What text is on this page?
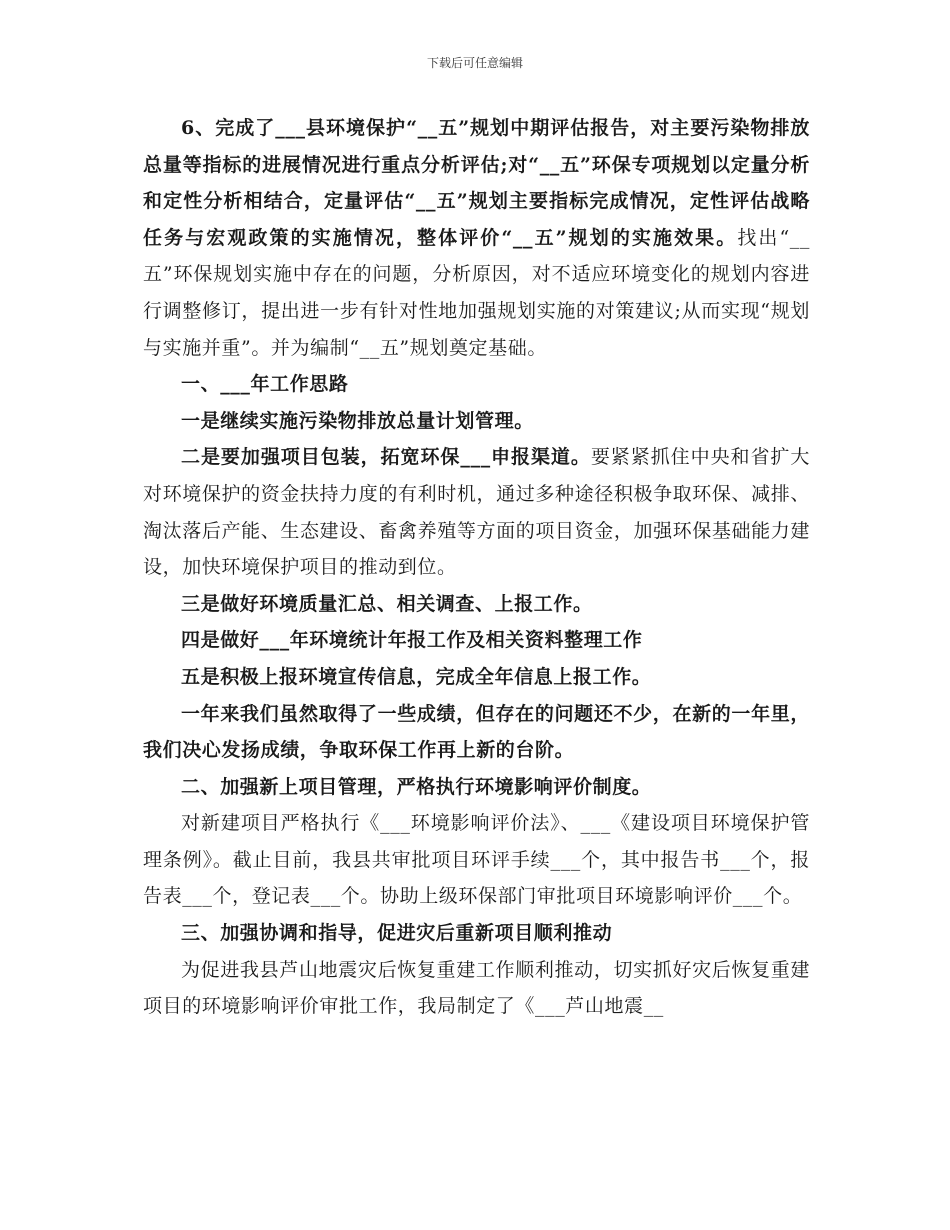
下载后可任意编辑

6、完成了___县环境保护“__五”规划中期评估报告，对主要污染物排放总量等指标的进展情况进行重点分析评估;对“__五”环保专项规划以定量分析和定性分析相结合，定量评估“__五”规划主要指标完成情况，定性评估战略任务与宏观政策的实施情况，整体评价“__五”规划的实施效果。找出“__五”环保规划实施中存在的问题，分析原因，对不适应环境变化的规划内容进行调整修订，提出进一步有针对性地加强规划实施的对策建议;从而实现“规划与实施并重”。并为编制“__五”规划奠定基础。

一、___年工作思路

一是继续实施污染物排放总量计划管理。

二是要加强项目包装，拓宽环保___申报渠道。要紧紧抓住中央和省扩大对环境保护的资金扶持力度的有利时机，通过多种途径积极争取环保、减排、淘汰落后产能、生态建设、畜禽养殖等方面的项目资金，加强环保基础能力建设，加快环境保护项目的推动到位。

三是做好环境质量汇总、相关调查、上报工作。

四是做好___年环境统计年报工作及相关资料整理工作

五是积极上报环境宣传信息，完成全年信息上报工作。

一年来我们虽然取得了一些成绩，但存在的问题还不少，在新的一年里，我们决心发扬成绩，争取环保工作再上新的台阶。

二、加强新上项目管理，严格执行环境影响评价制度。

对新建项目严格执行《___环境影响评价法》、___《建设项目环境保护管理条例》。截止目前，我县共审批项目环评手续___个，其中报告书___个，报告表___个，登记表___个。协助上级环保部门审批项目环境影响评价___个。

三、加强协调和指导，促进灾后重新项目顺利推动

为促进我县芦山地震灾后恢复重建工作顺利推动，切实抓好灾后恢复重建项目的环境影响评价审批工作，我局制定了《___芦山地震__
